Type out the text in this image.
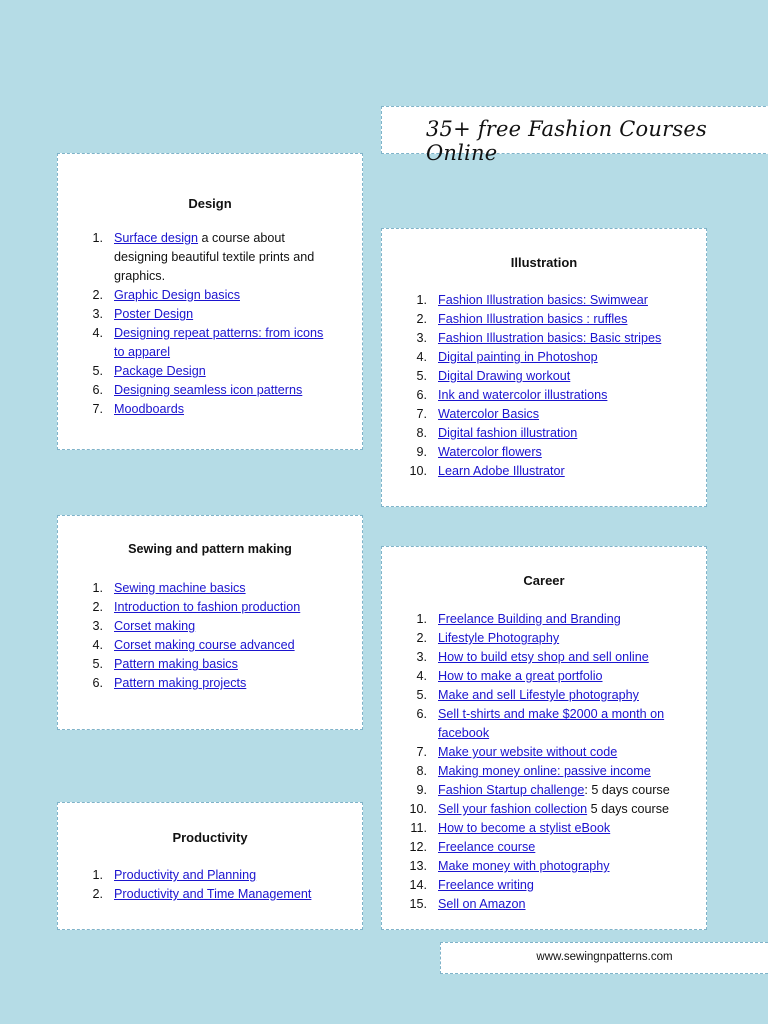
35+ free Fashion Courses Online
Design
1. Surface design a course about designing beautiful textile prints and graphics.
2. Graphic Design basics
3. Poster Design
4. Designing repeat patterns: from icons to apparel
5. Package Design
6. Designing seamless icon patterns
7. Moodboards
Illustration
1. Fashion Illustration basics: Swimwear
2. Fashion Illustration basics : ruffles
3. Fashion Illustration basics: Basic stripes
4. Digital painting in Photoshop
5. Digital Drawing workout
6. Ink and watercolor illustrations
7. Watercolor Basics
8. Digital fashion illustration
9. Watercolor flowers
10. Learn Adobe Illustrator
Sewing and pattern making
1. Sewing machine basics
2. Introduction to fashion production
3. Corset making
4. Corset making course advanced
5. Pattern making basics
6. Pattern making projects
Career
1. Freelance Building and Branding
2. Lifestyle Photography
3. How to build etsy shop and sell online
4. How to make a great portfolio
5. Make and sell Lifestyle photography
6. Sell t-shirts and make $2000 a month on facebook
7. Make your website without code
8. Making money online: passive income
9. Fashion Startup challenge: 5 days course
10. Sell your fashion collection 5 days course
11. How to become a stylist eBook
12. Freelance course
13. Make money with photography
14. Freelance writing
15. Sell on Amazon
Productivity
1. Productivity and Planning
2. Productivity and Time Management
www.sewingnpatterns.com
